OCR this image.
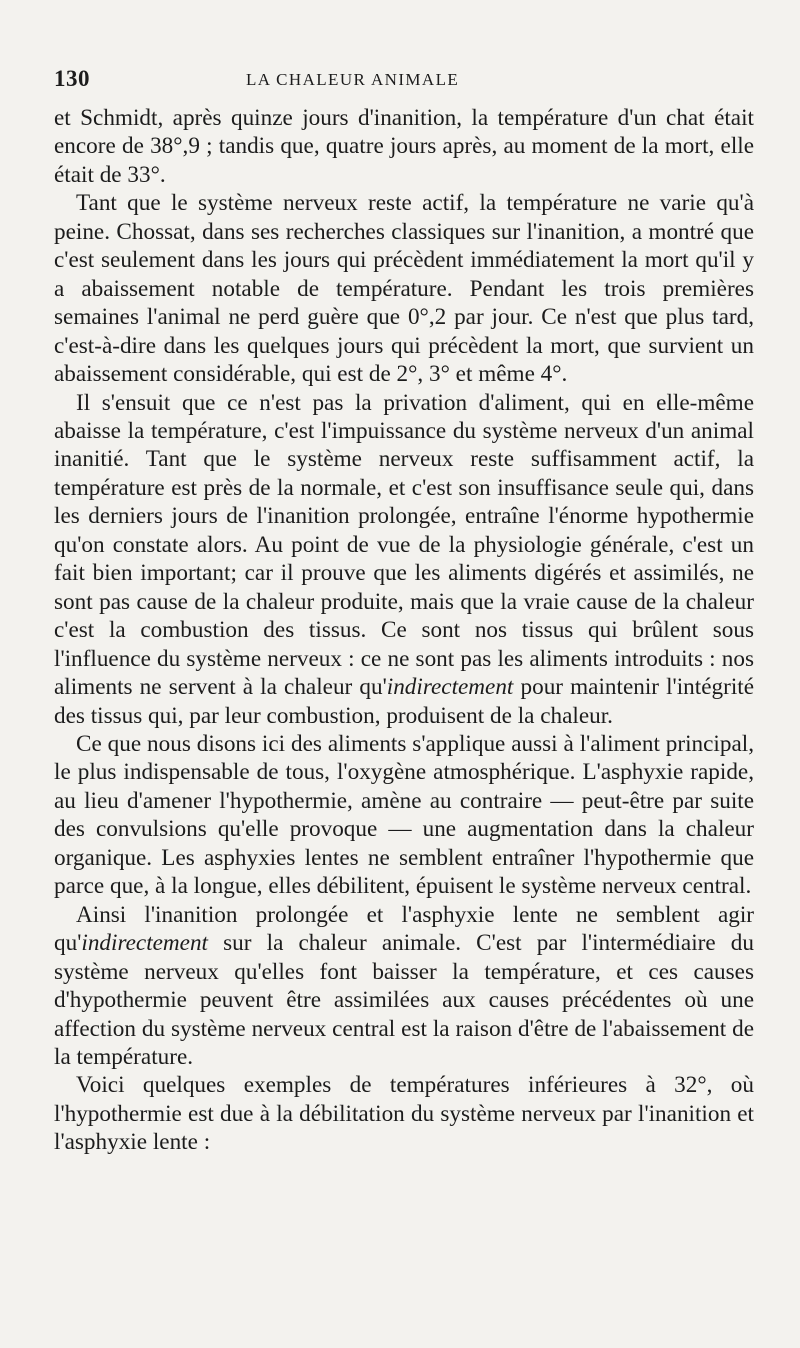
130	LA CHALEUR ANIMALE

et Schmidt, après quinze jours d'inanition, la température d'un chat était encore de 38°,9 ; tandis que, quatre jours après, au moment de la mort, elle était de 33°.

Tant que le système nerveux reste actif, la température ne varie qu'à peine. Chossat, dans ses recherches classiques sur l'inanition, a montré que c'est seulement dans les jours qui précèdent immédiatement la mort qu'il y a abaissement notable de température. Pendant les trois premières semaines l'animal ne perd guère que 0°,2 par jour. Ce n'est que plus tard, c'est-à-dire dans les quelques jours qui précèdent la mort, que survient un abaissement considérable, qui est de 2°, 3° et même 4°.

Il s'ensuit que ce n'est pas la privation d'aliment, qui en elle-même abaisse la température, c'est l'impuissance du système nerveux d'un animal inanitié. Tant que le système nerveux reste suffisamment actif, la température est près de la normale, et c'est son insuffisance seule qui, dans les derniers jours de l'inanition prolongée, entraîne l'énorme hypothermie qu'on constate alors. Au point de vue de la physiologie générale, c'est un fait bien important; car il prouve que les aliments digérés et assimilés, ne sont pas cause de la chaleur produite, mais que la vraie cause de la chaleur c'est la combustion des tissus. Ce sont nos tissus qui brûlent sous l'influence du système nerveux : ce ne sont pas les aliments introduits : nos aliments ne servent à la chaleur qu'indirectement pour maintenir l'intégrité des tissus qui, par leur combustion, produisent de la chaleur.

Ce que nous disons ici des aliments s'applique aussi à l'aliment principal, le plus indispensable de tous, l'oxygène atmosphérique. L'asphyxie rapide, au lieu d'amener l'hypothermie, amène au contraire — peut-être par suite des convulsions qu'elle provoque — une augmentation dans la chaleur organique. Les asphyxies lentes ne semblent entraîner l'hypothermie que parce que, à la longue, elles débilitent, épuisent le système nerveux central.

Ainsi l'inanition prolongée et l'asphyxie lente ne semblent agir qu'indirectement sur la chaleur animale. C'est par l'intermédiaire du système nerveux qu'elles font baisser la température, et ces causes d'hypothermie peuvent être assimilées aux causes précédentes où une affection du système nerveux central est la raison d'être de l'abaissement de la température.

Voici quelques exemples de températures inférieures à 32°, où l'hypothermie est due à la débilitation du système nerveux par l'inanition et l'asphyxie lente :
